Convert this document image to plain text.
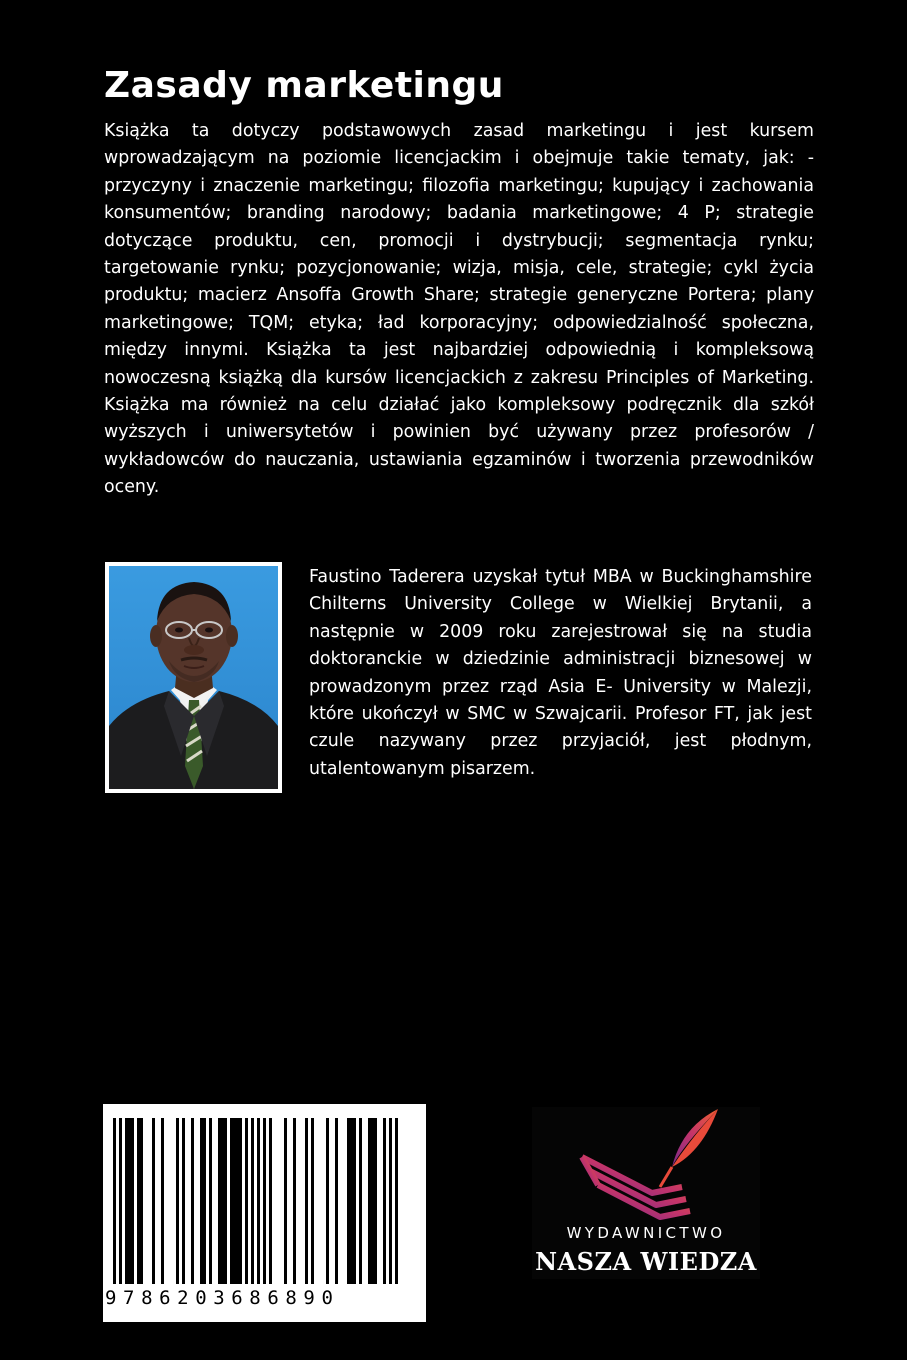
Zasady marketingu

Książka ta dotyczy podstawowych zasad marketingu i jest kursem wprowadzającym na poziomie licencjackim i obejmuje takie tematy, jak: - przyczyny i znaczenie marketingu; filozofia marketingu; kupujący i zachowania konsumentów; branding narodowy; badania marketingowe; 4 P; strategie dotyczące produktu, cen, promocji i dystrybucji; segmentacja rynku; targetowanie rynku; pozycjonowanie; wizja, misja, cele, strategie; cykl życia produktu; macierz Ansoffa Growth Share; strategie generyczne Portera; plany marketingowe; TQM; etyka; ład korporacyjny; odpowiedzialność społeczna, między innymi. Książka ta jest najbardziej odpowiednią i kompleksową nowoczesną książką dla kursów licencjackich z zakresu Principles of Marketing. Książka ma również na celu działać jako kompleksowy podręcznik dla szkół wyższych i uniwersytetów i powinien być używany przez profesorów / wykładowców do nauczania, ustawiania egzaminów i tworzenia przewodników oceny.

Faustino Taderera uzyskał tytuł MBA w Buckinghamshire Chilterns University College w Wielkiej Brytanii, a następnie w 2009 roku zarejestrował się na studia doktoranckie w dziedzinie administracji biznesowej w prowadzonym przez rząd Asia E- University w Malezji, które ukończył w SMC w Szwajcarii. Profesor FT, jak jest czule nazywany przez przyjaciół, jest płodnym, utalentowanym pisarzem.

9786203686890
WYDAWNICTWO
NASZA WIEDZA
